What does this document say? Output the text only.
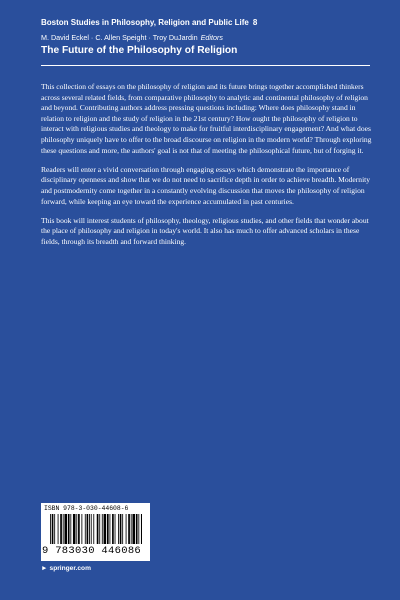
Boston Studies in Philosophy, Religion and Public Life 8
M. David Eckel · C. Allen Speight · Troy DuJardin Editors
The Future of the Philosophy of Religion

This collection of essays on the philosophy of religion and its future brings together accomplished thinkers across several related fields, from comparative philosophy to analytic and continental philosophy of religion and beyond. Contributing authors address pressing questions including: Where does philosophy stand in relation to religion and the study of religion in the 21st century? How ought the philosophy of religion to interact with religious studies and theology to make for fruitful interdisciplinary engagement? And what does philosophy uniquely have to offer to the broad discourse on religion in the modern world? Through exploring these questions and more, the authors' goal is not that of meeting the philosophical future, but of forging it.

Readers will enter a vivid conversation through engaging essays which demonstrate the importance of disciplinary openness and show that we do not need to sacrifice depth in order to achieve breadth. Modernity and postmodernity come together in a constantly evolving discussion that moves the philosophy of religion forward, while keeping an eye toward the experience accumulated in past centuries.

This book will interest students of philosophy, theology, religious studies, and other fields that wonder about the place of philosophy and religion in today's world. It also has much to offer advanced scholars in these fields, through its breadth and forward thinking.

ISBN 978-3-030-44608-6
9 783030 446086
► springer.com
